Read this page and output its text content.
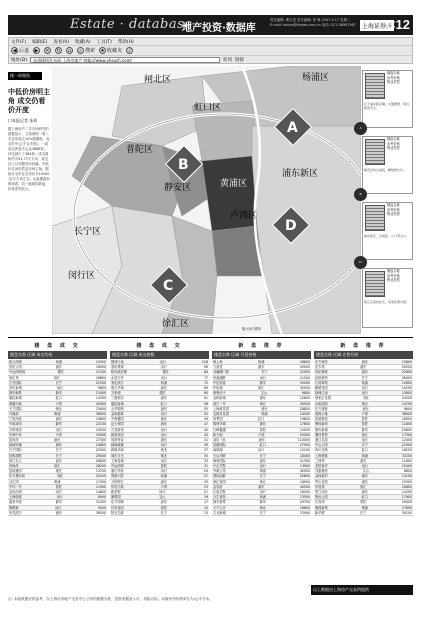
Estate · database
地产投资·数据库
责任编辑: 曹吉显 美术编辑: 张 琳 2007.4.17 星期二
E-mail: house@lfnews.com.cn 电话: 021-38967567	上海证券报
C12
文件(F) 编辑(E) 查看(V) 收藏(A) 工具(T) 帮助(H)
◀ 后退	▶	× ↻	⌂	⌕ 搜索 ★ 收藏夹	♪
地址(D)	直通楼情发布网 上海房地产 http://www.yhsoch.com/	转到 链接
楼一周聚焦
中低价房明主角 成交仍看价开度
口本报记者 朱伟
据上海房产二手市场研究的数据显示，上周城郊一周二手住房成交10%数据报。北京的中心(不含市郊)，一周成交涉及中心达3688套，环比减少了384套。成交面积约为31.77平方米，成交达上月同期有所回落。中低价位房仍然是市场主角。据统计全市住宅均价为14000元/平方米左右。从某楼盘价格来看，同一地段的新盘，价格差异较大。
闸北区	杨浦区
虹口区
普陀区
静安区	黄浦区
浦东新区
卢湾区
长宁区
闵行区
徐汇区
A
B
C
D
版大师 制图
楼盘名称
参考价格
物业类型
位于浦东陆家嘴，交通便捷，周边配套齐全。
A
楼盘名称
参考价格
物业类型
静安区核心地段，精装修交付。
B
楼盘名称
参考价格
物业类型
浦东新区，近地铁，小户型为主。
D
楼盘名称
参考价格
物业类型
徐汇区高档住宅，景观资源丰富。
楼 盘 成 交
楼盘名称 区域 成交均价
新江湾城	杨浦	12500
世纪公园	浦东	18900
中远两湾城	普陀	11200
徐汇苑	徐汇	16800
古北国际	长宁	21500
莘庄新城	闵行	9800
静安枫景	静安	23400
瑞虹新城	虹口	14300
翠湖天地	卢湾	45000
大宁国际	闸北	15600
外滩源	黄浦	38000
仁恒河滨	浦东	19800
中凯城市	静安	22100
万科城市	闵行	10500
华润中央	卢湾	33000
星河湾	浦东	27500
绿城玫瑰	浦东	24800
长宁国际	长宁	20300
虹桥源墅	长宁	29000
滨江名人	浦东	26600
尚海湾	徐汇	28200
复地雅园	闸北	13700
东方曼哈顿	徐汇	25100
百汇园	黄浦	17400
中环一号	普陀	12900
金色西郊	闵行	14800
上海康城	闵行	8900
嘉里华庭	静安	31000
梅陇镇	闵行	9500
世茂滨江	浦东	36500
楼 盘 成 交
楼盘名称 区域 成交套数
锦绣江南	闵行	128
春申景城	闵行	96
阳光威尼斯	普陀	84
水清木华	闵行	77
家化滨江	杨浦	72
明天华城	浦东	69
万里城	普陀	65
三湘世纪	浦东	61
瑞虹新城	虹口	58
大华锦绣	浦东	55
金地格林	闵行	52
中海馨园	浦东	49
证大家园	浦东	47
古美新苑	闵行	45
新凯家园	闵行	43
同润菲诗	浦东	41
绿地崴廉	闵行	39
新梅共和	闸北	37
城市月光	闸北	35
上海春城	闵行	33
中远两湾	普陀	31
浦江华侨	闵行	29
景瑞大院	杨浦	27
万科假日	浦东	25
华府天地	卢湾	23
新里程	闵行	21
御景园	宝山	19
东方明珠	浦东	17
长风花园	普陀	15
阳光名都	长宁	13
新 盘 推 荐
楼盘名称 区域 开盘价格
海上海	杨浦	16800
九间堂	浦东	45000
圣骊澳门苑	长宁	22000
恒盛湖畔	闵行	11500
中信泰富	静安	35000
华侨城	徐汇	32000
保利西子	宝山	9800
金桥新城	浦东	12800
滨江一号	徐汇	30500
上海滩花园	浦东	28800
宝地东花园	杨浦	14500
四季园	虹口	19800
锦绣华城	浦东	17600
长峰馨越	普陀	15200
新天地	卢湾	55000
汤臣一品	浦东	110000
星港国际	虹口	27500
森林湖	闵行	12100
天山河畔	长宁	18400
海尚国际	浦东	21300
中企艺墅	闵行	13900
外滩公馆	黄浦	42000
国际丽都	长宁	25800
徐汇家园	徐汇	18900
金茂府	浦东	40500
江南名墅	闵行	16200
合生城邦	杨浦	13500
静安豪景	静安	29700
大宁山庄	闸北	16800
古北新城	长宁	23900
新 盘 推 荐
楼盘名称 区域 在售均价
东方城市	浦东	15800
花木苑	浦东	20500
世纪豪庭	浦东	22800
虹桥豪苑	长宁	26400
江湾翠苑	杨浦	12600
紫薇花园	闵行	10200
绿洲江南	闵行	13800
徐家汇花园	徐汇	24500
永和丽园	闸北	14700
东方康桥	浦东	9600
淮海公寓	卢湾	38900
凯德豪庭	普陀	16900
曹杨新苑	普陀	11800
静安新城	静安	25600
漕河景苑	徐汇	17300
浦江名邸	闵行	12400
中山公园	长宁	21900
四川北路	虹口	18200
上海豪都	黄浦	33200
三林苑	浦东	11600
龙柏新村	闵行	15400
共康雅苑	宝山	8800
金杨新村	浦东	13100
罗山花苑	浦东	19300
华庭苑	徐汇	20800
张江汤臣	浦东	14200
鲁迅公园	虹口	17900
长寿湾	普陀	16400
豫园新苑	黄浦	27600
新华路	长宁	30100
以上数据由上海房产交易所提供
注: 本版数据仅供参考，以上海市房地产交易中心公布的数据为准，投资者据此入市，风险自担。本版所列价格单位为元/平方米。
